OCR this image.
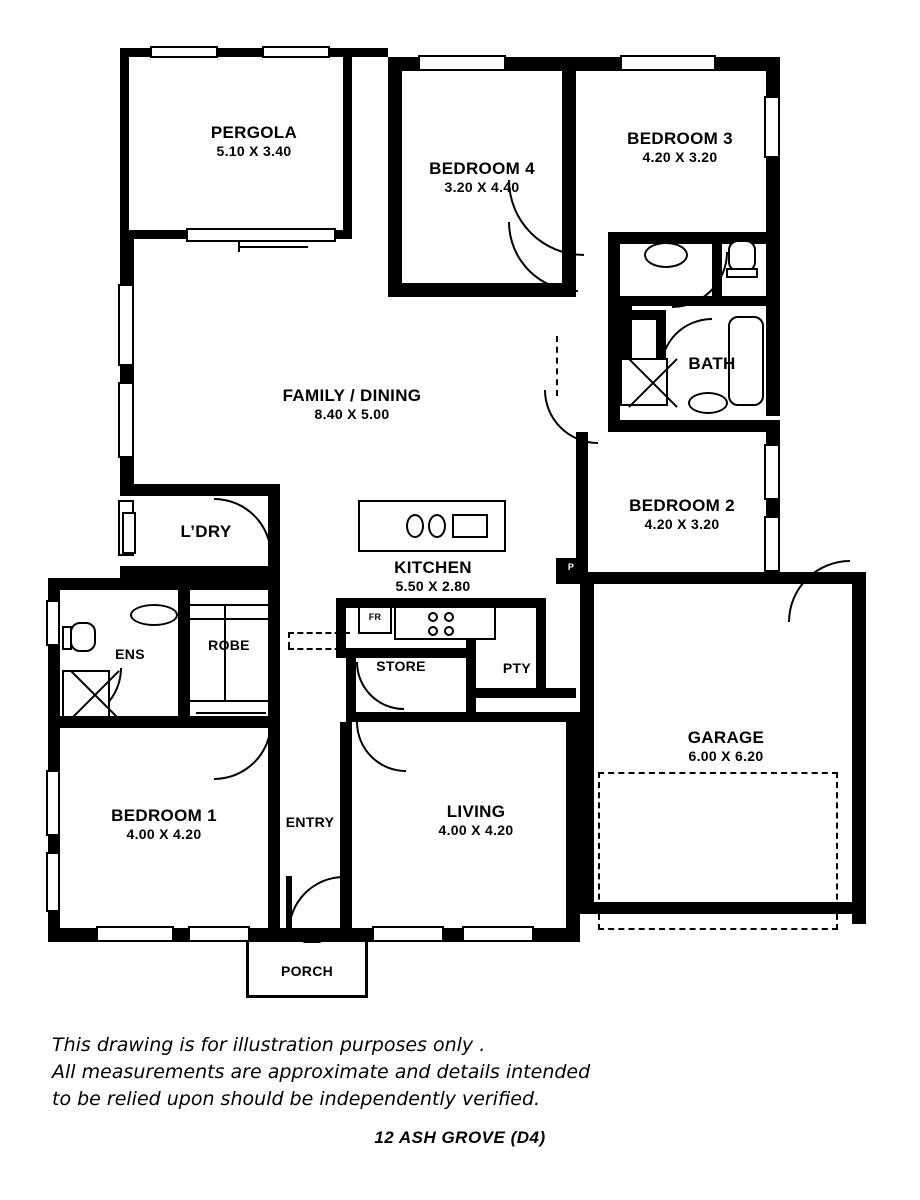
FR
P
PANEL LIFT-DOOR
PERGOLA
5.10 X 3.40
BEDROOM 4
3.20 X 4.40
BEDROOM 3
4.20 X 3.20
BATH
FAMILY / DINING
8.40 X 5.00
BEDROOM 2
4.20 X 3.20
L’DRY
KITCHEN
5.50 X 2.80
ENS
ROBE
STORE	PTY
GARAGE
6.00 X 6.20
BEDROOM 1
4.00 X 4.20
ENTRY
LIVING
4.00 X 4.20
PORCH
This drawing is for illustration purposes only .
All measurements are approximate and details intended
to be relied upon should be independently verified.
12 ASH GROVE (D4)
